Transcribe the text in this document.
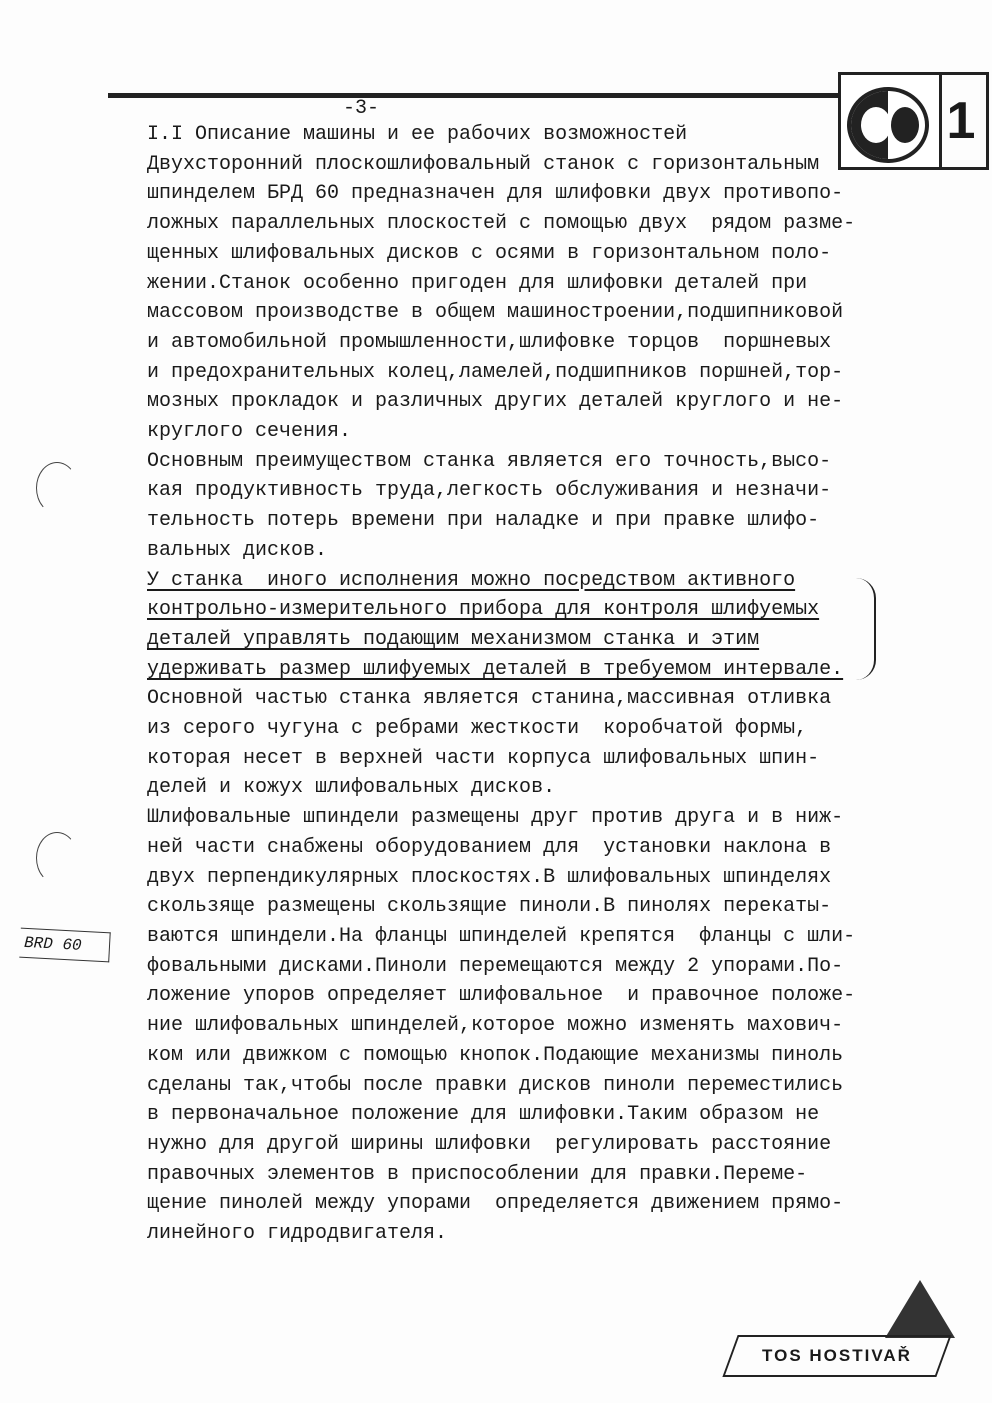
-3-	1
I.I Описание машины и ее рабочих возможностей
Двухсторонний плоскошлифовальный станок с горизонтальным
шпинделем БРД 60 предназначен для шлифовки двух противопо-
ложных параллельных плоскостей с помощью двух  рядом разме-
щенных шлифовальных дисков с осями в горизонтальном поло-
жении.Станок особенно пригоден для шлифовки деталей при
массовом производстве в общем машиностроении,подшипниковой
и автомобильной промышленности,шлифовке торцов  поршневых
и предохранительных колец,ламелей,подшипников поршней,тор-
мозных прокладок и различных других деталей круглого и не-
круглого сечения.
Основным преимуществом станка является его точность,высо-
кая продуктивность труда,легкость обслуживания и незначи-
тельность потерь времени при наладке и при правке шлифо-
вальных дисков.
У станка  иного исполнения можно посредством активного
контрольно-измерительного прибора для контроля шлифуемых
деталей управлять подающим механизмом станка и этим
удерживать размер шлифуемых деталей в требуемом интервале.
Основной частью станка является станина,массивная отливка
из серого чугуна с ребрами жесткости  коробчатой формы,
которая несет в верхней части корпуса шлифовальных шпин-
делей и кожух шлифовальных дисков.
Шлифовальные шпиндели размещены друг против друга и в ниж-
ней части снабжены оборудованием для  установки наклона в
двух перпендикулярных плоскостях.В шлифовальных шпинделях
скользяще размещены скользящие пиноли.В пинолях перекаты-
ваются шпиндели.На фланцы шпинделей крепятся  фланцы с шли-
фовальными дисками.Пиноли перемещаются между 2 упорами.По-
ложение упоров определяет шлифовальное  и правочное положе-
ние шлифовальных шпинделей,которое можно изменять махович-
ком или движком с помощью кнопок.Подающие механизмы пиноль
сделаны так,чтобы после правки дисков пиноли переместились
в первоначальное положение для шлифовки.Таким образом не
нужно для другой ширины шлифовки  регулировать расстояние
правочных элементов в приспособлении для правки.Переме-
щение пинолей между упорами  определяется движением прямо-
линейного гидродвигателя.
BRD 60
TOS HOSTIVAŘ
